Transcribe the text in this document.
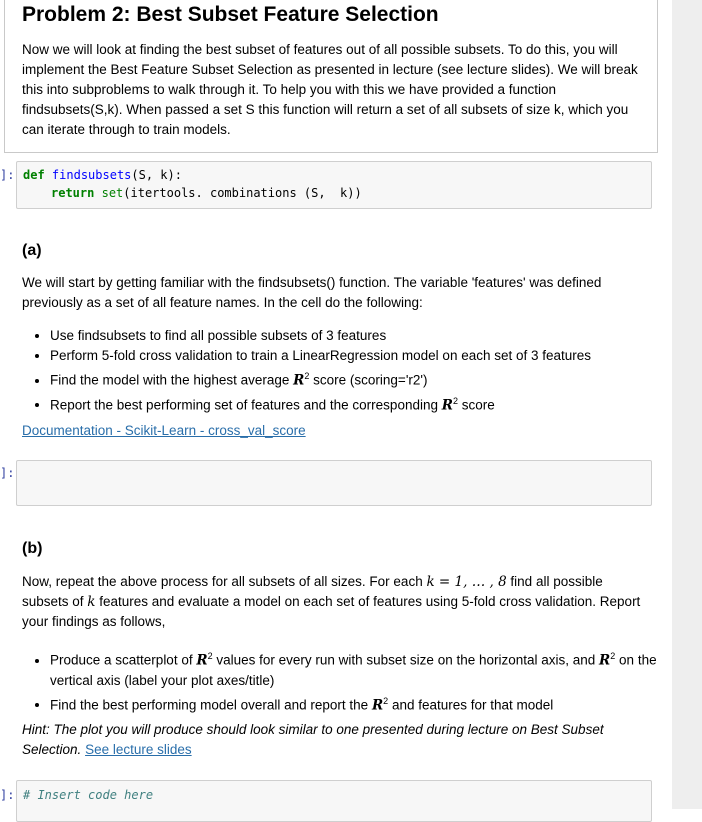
Problem 2: Best Subset Feature Selection

Now we will look at finding the best subset of features out of all possible subsets. To do this, you will implement the Best Feature Subset Selection as presented in lecture (see lecture slides). We will break this into subproblems to walk through it. To help you with this we have provided a function findsubsets(S,k). When passed a set S this function will return a set of all subsets of size k, which you can iterate through to train models.

]: def findsubsets(S, k):
return set(itertools. combinations (S,  k))
(a)

We will start by getting familiar with the findsubsets() function. The variable 'features' was defined previously as a set of all feature names. In the cell do the following:

• Use findsubsets to find all possible subsets of 3 features
• Perform 5-fold cross validation to train a LinearRegression model on each set of 3 features
• Find the model with the highest average $R^2$ score (scoring='r2')
• Report the best performing set of features and the corresponding $R^2$ score

Documentation - Scikit-Learn - cross_val_score

]:
(b)

Now, repeat the above process for all subsets of all sizes. For each k = 1, … , 8 find all possible subsets of k features and evaluate a model on each set of features using 5-fold cross validation. Report your findings as follows,

• Produce a scatterplot of $R^2$ values for every run with subset size on the horizontal axis, and $R^2$ on the vertical axis (label your plot axes/title)
• Find the best performing model overall and report the $R^2$ and features for that model

Hint: The plot you will produce should look similar to one presented during lecture on Best Subset Selection. See lecture slides

]: # Insert code here
